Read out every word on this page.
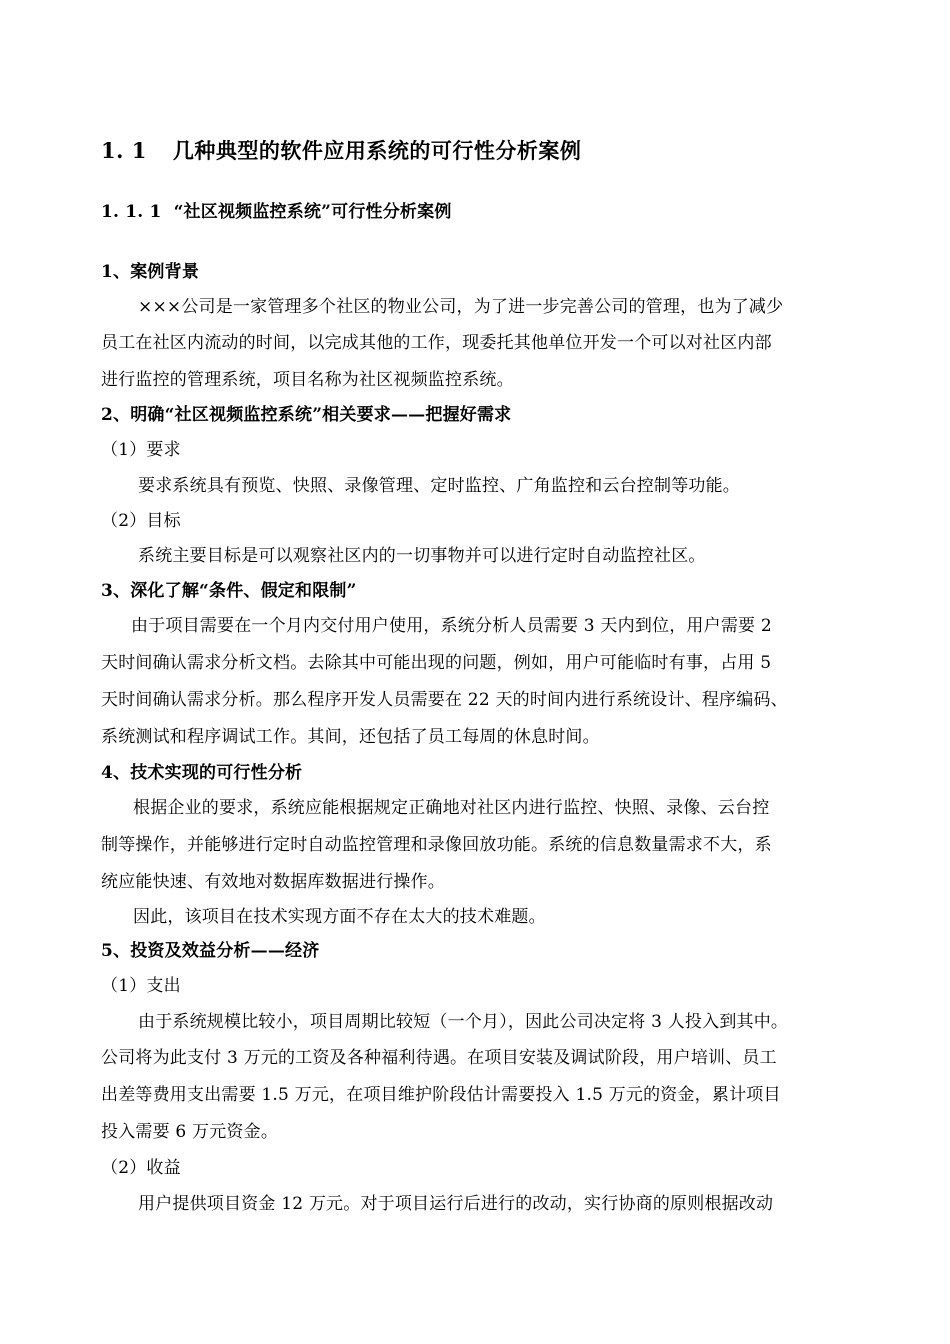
1. 1 几种典型的软件应用系统的可行性分析案例
1. 1. 1 “社区视频监控系统”可行性分析案例
1、案例背景
×××公司是一家管理多个社区的物业公司，为了进一步完善公司的管理，也为了减少
员工在社区内流动的时间，以完成其他的工作，现委托其他单位开发一个可以对社区内部
进行监控的管理系统，项目名称为社区视频监控系统。
2、明确“社区视频监控系统”相关要求——把握好需求
（1）要求
要求系统具有预览、快照、录像管理、定时监控、广角监控和云台控制等功能。
（2）目标
系统主要目标是可以观察社区内的一切事物并可以进行定时自动监控社区。
3、深化了解“条件、假定和限制”
由于项目需要在一个月内交付用户使用，系统分析人员需要 3 天内到位，用户需要 2
天时间确认需求分析文档。去除其中可能出现的问题，例如，用户可能临时有事，占用 5
天时间确认需求分析。那么程序开发人员需要在 22 天的时间内进行系统设计、程序编码、
系统测试和程序调试工作。其间，还包括了员工每周的休息时间。
4、技术实现的可行性分析
根据企业的要求，系统应能根据规定正确地对社区内进行监控、快照、录像、云台控
制等操作，并能够进行定时自动监控管理和录像回放功能。系统的信息数量需求不大，系
统应能快速、有效地对数据库数据进行操作。
因此，该项目在技术实现方面不存在太大的技术难题。
5、投资及效益分析——经济
（1）支出
由于系统规模比较小，项目周期比较短（一个月），因此公司决定将 3 人投入到其中。
公司将为此支付 3 万元的工资及各种福利待遇。在项目安装及调试阶段，用户培训、员工
出差等费用支出需要 1.5 万元，在项目维护阶段估计需要投入 1.5 万元的资金，累计项目
投入需要 6 万元资金。
（2）收益
用户提供项目资金 12 万元。对于项目运行后进行的改动，实行协商的原则根据改动
